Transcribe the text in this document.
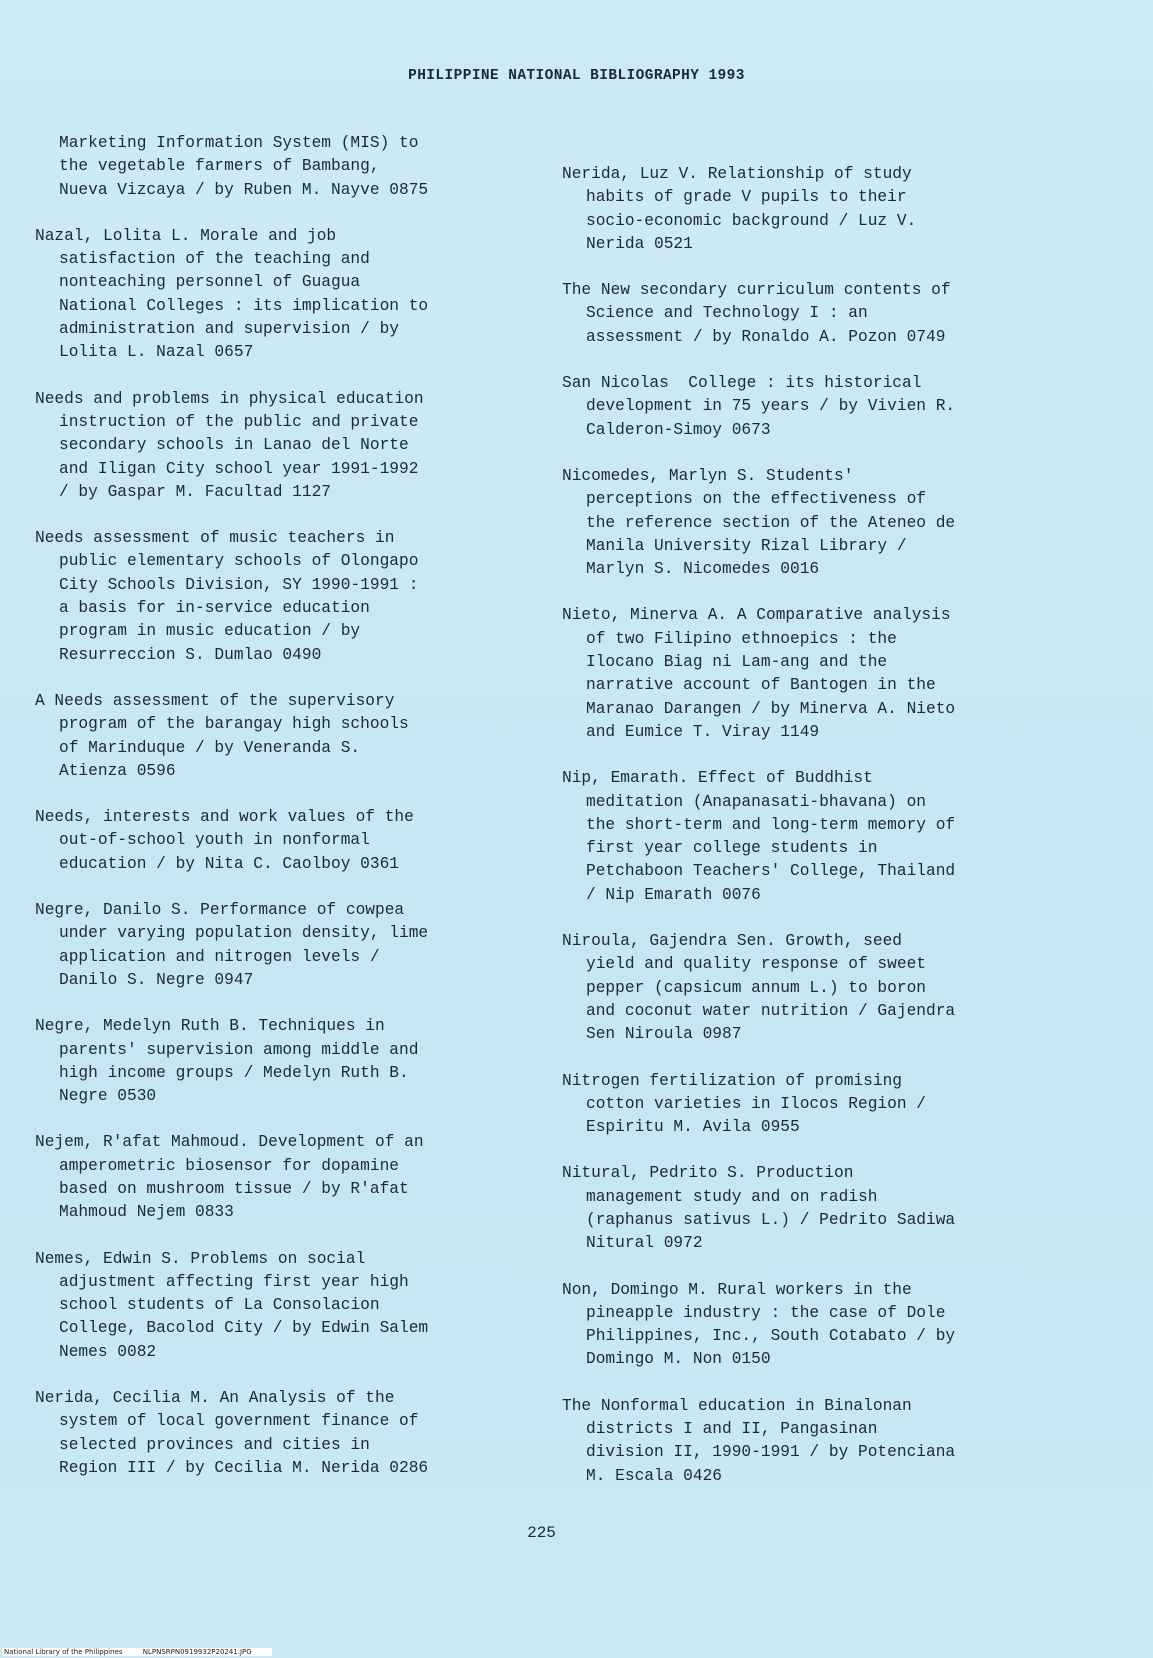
PHILIPPINE NATIONAL BIBLIOGRAPHY 1993

Marketing Information System (MIS) to
the vegetable farmers of Bambang,
Nueva Vizcaya / by Ruben M. Nayve 0875

Nazal, Lolita L. Morale and job
satisfaction of the teaching and
nonteaching personnel of Guagua
National Colleges : its implication to
administration and supervision / by
Lolita L. Nazal 0657

Needs and problems in physical education
instruction of the public and private
secondary schools in Lanao del Norte
and Iligan City school year 1991-1992
/ by Gaspar M. Facultad 1127

Needs assessment of music teachers in
public elementary schools of Olongapo
City Schools Division, SY 1990-1991 :
a basis for in-service education
program in music education / by
Resurreccion S. Dumlao 0490

A Needs assessment of the supervisory
program of the barangay high schools
of Marinduque / by Veneranda S.
Atienza 0596

Needs, interests and work values of the
out-of-school youth in nonformal
education / by Nita C. Caolboy 0361

Negre, Danilo S. Performance of cowpea
under varying population density, lime
application and nitrogen levels /
Danilo S. Negre 0947

Negre, Medelyn Ruth B. Techniques in
parents' supervision among middle and
high income groups / Medelyn Ruth B.
Negre 0530

Nejem, R'afat Mahmoud. Development of an
amperometric biosensor for dopamine
based on mushroom tissue / by R'afat
Mahmoud Nejem 0833

Nemes, Edwin S. Problems on social
adjustment affecting first year high
school students of La Consolacion
College, Bacolod City / by Edwin Salem
Nemes 0082

Nerida, Cecilia M. An Analysis of the
system of local government finance of
selected provinces and cities in
Region III / by Cecilia M. Nerida 0286

Nerida, Luz V. Relationship of study
habits of grade V pupils to their
socio-economic background / Luz V.
Nerida 0521

The New secondary curriculum contents of
Science and Technology I : an
assessment / by Ronaldo A. Pozon 0749

San Nicolas  College : its historical
development in 75 years / by Vivien R.
Calderon-Simoy 0673

Nicomedes, Marlyn S. Students'
perceptions on the effectiveness of
the reference section of the Ateneo de
Manila University Rizal Library /
Marlyn S. Nicomedes 0016

Nieto, Minerva A. A Comparative analysis
of two Filipino ethnoepics : the
Ilocano Biag ni Lam-ang and the
narrative account of Bantogen in the
Maranao Darangen / by Minerva A. Nieto
and Eumice T. Viray 1149

Nip, Emarath. Effect of Buddhist
meditation (Anapanasati-bhavana) on
the short-term and long-term memory of
first year college students in
Petchaboon Teachers' College, Thailand
/ Nip Emarath 0076

Niroula, Gajendra Sen. Growth, seed
yield and quality response of sweet
pepper (capsicum annum L.) to boron
and coconut water nutrition / Gajendra
Sen Niroula 0987

Nitrogen fertilization of promising
cotton varieties in Ilocos Region /
Espiritu M. Avila 0955

Nitural, Pedrito S. Production
management study and on radish
(raphanus sativus L.) / Pedrito Sadiwa
Nitural 0972

Non, Domingo M. Rural workers in the
pineapple industry : the case of Dole
Philippines, Inc., South Cotabato / by
Domingo M. Non 0150

The Nonformal education in Binalonan
districts I and II, Pangasinan
division II, 1990-1991 / by Potenciana
M. Escala 0426

225
National Library of the Philippines	NLPNSRPN0919932P20241.JPG
